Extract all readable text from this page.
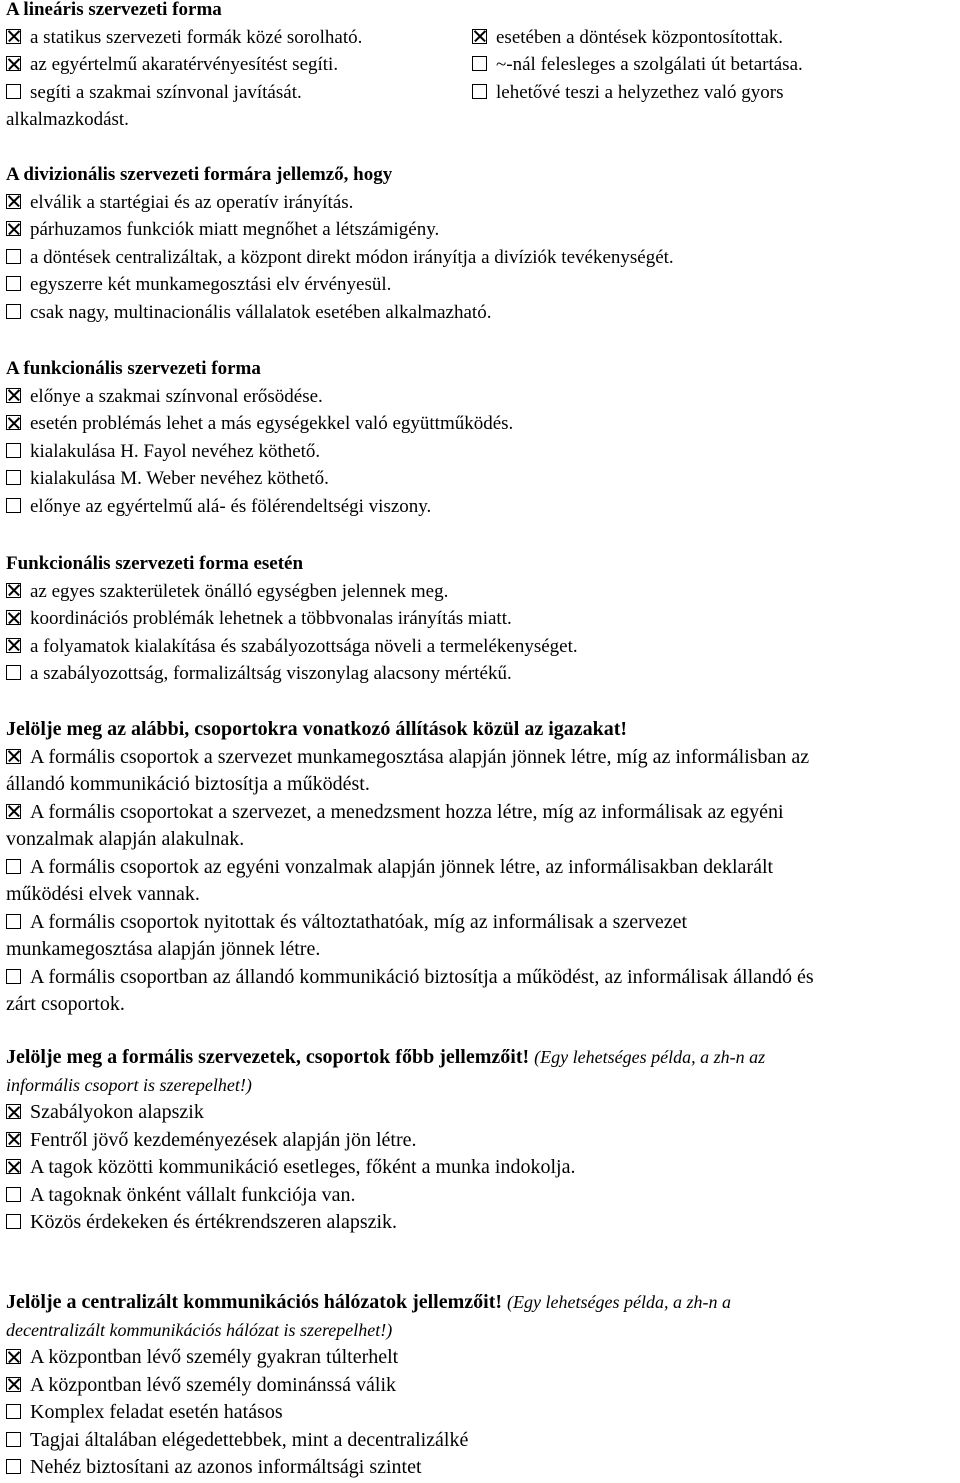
A lineáris szervezeti forma
a statikus szervezeti formák közé sorolható.	esetében a döntések központosítottak.
az egyértelmű akaratérvényesítést segíti.	~-nál felesleges a szolgálati út betartása.
segíti a szakmai színvonal javítását.	lehetővé teszi a helyzethez való gyors
alkalmazkodást.
A divizionális szervezeti formára jellemző, hogy
elválik a startégiai és az operatív irányítás.
párhuzamos funkciók miatt megnőhet a létszámigény.
a döntések centralizáltak, a központ direkt módon irányítja a divíziók tevékenységét.
egyszerre két munkamegosztási elv érvényesül.
csak nagy, multinacionális vállalatok esetében alkalmazható.
A funkcionális szervezeti forma
előnye a szakmai színvonal erősödése.
esetén problémás lehet a más egységekkel való együttműködés.
kialakulása H. Fayol nevéhez köthető.
kialakulása M. Weber nevéhez köthető.
előnye az egyértelmű alá- és fölérendeltségi viszony.
Funkcionális szervezeti forma esetén
az egyes szakterületek önálló egységben jelennek meg.
koordinációs problémák lehetnek a többvonalas irányítás miatt.
a folyamatok kialakítása és szabályozottsága növeli a termelékenységet.
a szabályozottság, formalizáltság viszonylag alacsony mértékű.
Jelölje meg az alábbi, csoportokra vonatkozó állítások közül az igazakat!
A formális csoportok a szervezet munkamegosztása alapján jönnek létre, míg az informálisban az
állandó kommunikáció biztosítja a működést.
A formális csoportokat a szervezet, a menedzsment hozza létre, míg az informálisak az egyéni
vonzalmak alapján alakulnak.
A formális csoportok az egyéni vonzalmak alapján jönnek létre, az informálisakban deklarált
működési elvek vannak.
A formális csoportok nyitottak és változtathatóak, míg az informálisak a szervezet
munkamegosztása alapján jönnek létre.
A formális csoportban az állandó kommunikáció biztosítja a működést, az informálisak állandó és
zárt csoportok.
Jelölje meg a formális szervezetek, csoportok főbb jellemzőit! (Egy lehetséges példa, a zh-n az
informális csoport is szerepelhet!)
Szabályokon alapszik
Fentről jövő kezdeményezések alapján jön létre.
A tagok közötti kommunikáció esetleges, főként a munka indokolja.
A tagoknak önként vállalt funkciója van.
Közös érdekeken és értékrendszeren alapszik.
Jelölje a centralizált kommunikációs hálózatok jellemzőit! (Egy lehetséges példa, a zh-n a
decentralizált kommunikációs hálózat is szerepelhet!)
A központban lévő személy gyakran túlterhelt
A központban lévő személy dominánssá válik
Komplex feladat esetén hatásos
Tagjai általában elégedettebbek, mint a decentralizálké
Nehéz biztosítani az azonos informáltsági szintet
